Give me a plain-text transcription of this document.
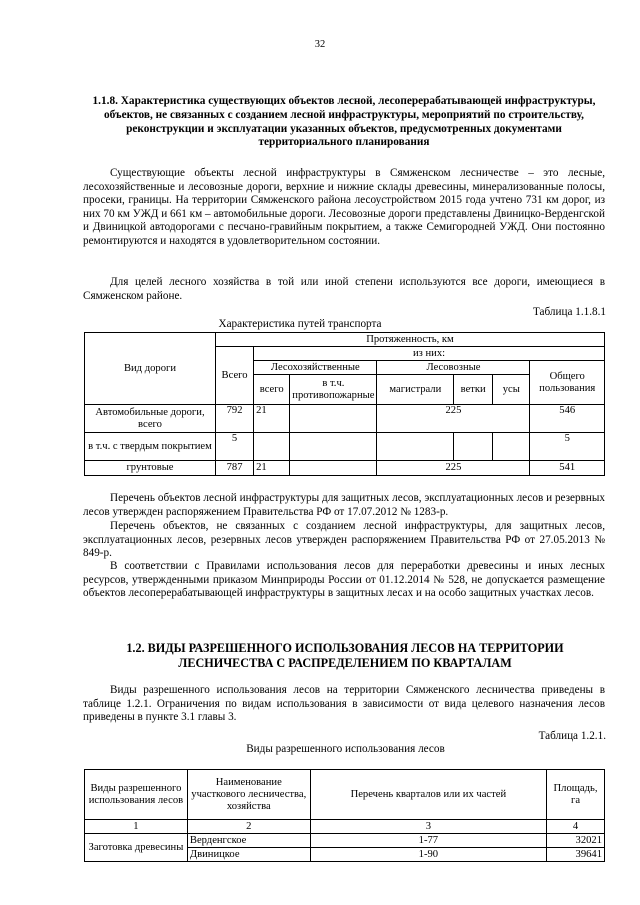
32
1.1.8. Характеристика существующих объектов лесной, лесоперерабатывающей инфраструктуры, объектов, не связанных с созданием лесной инфраструктуры, мероприятий по строительству, реконструкции и эксплуатации указанных объектов, предусмотренных документами территориального планирования
Существующие объекты лесной инфраструктуры в Сямженском лесничестве – это лесные, лесохозяйственные и лесовозные дороги, верхние и нижние склады древесины, минерализованные полосы, просеки, границы. На территории Сямженского района лесоустройством 2015 года учтено 731 км дорог, из них 70 км УЖД и 661 км – автомобильные дороги. Лесовозные дороги представлены Двиницко-Верденгской и Двиницкой автодорогами с песчано-гравийным покрытием, а также Семигородней УЖД. Они постоянно ремонтируются и находятся в удовлетворительном состоянии.
Для целей лесного хозяйства в той или иной степени используются все дороги, имеющиеся в Сямженском районе.
Таблица 1.1.8.1
Характеристика путей транспорта
Вид дороги	Протяженность, км						
	Всего	из них:					
		Лесохозяйственные		Лесовозные			Общего пользования
		всего	в т.ч. противопожарные	магистрали	ветки	усы	
Автомобильные дороги, всего	792	21		225			546
в т.ч. с твердым покрытием	5						5
грунтовые	787	21		225			541
Перечень объектов лесной инфраструктуры для защитных лесов, эксплуатационных лесов и резервных лесов утвержден распоряжением Правительства РФ от 17.07.2012 № 1283-р.
Перечень объектов, не связанных с созданием лесной инфраструктуры, для защитных лесов, эксплуатационных лесов, резервных лесов утвержден распоряжением Правительства РФ от 27.05.2013 № 849-р.
В соответствии с Правилами использования лесов для переработки древесины и иных лесных ресурсов, утвержденными приказом Минприроды России от 01.12.2014 № 528, не допускается размещение объектов лесоперерабатывающей инфраструктуры в защитных лесах и на особо защитных участках лесов.
1.2. ВИДЫ РАЗРЕШЕННОГО ИСПОЛЬЗОВАНИЯ ЛЕСОВ НА ТЕРРИТОРИИ ЛЕСНИЧЕСТВА С РАСПРЕДЕЛЕНИЕМ ПО КВАРТАЛАМ
Виды разрешенного использования лесов на территории Сямженского лесничества приведены в таблице 1.2.1. Ограничения по видам использования в зависимости от вида целевого назначения лесов приведены в пункте 3.1 главы 3.
Таблица 1.2.1.
Виды разрешенного использования лесов
Виды разрешенного использования лесов	Наименование участкового лесничества, хозяйства	Перечень кварталов или их частей	Площадь, га
1	2	3	4
Заготовка древесины	Верденгское	1-77	32021
	Двиницкое	1-90	39641
